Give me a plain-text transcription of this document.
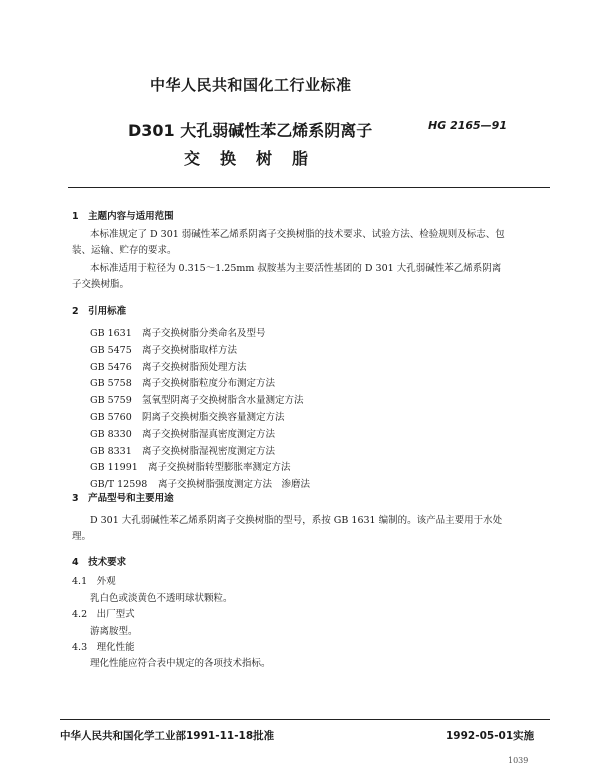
中华人民共和国化工行业标准
D301 大孔弱碱性苯乙烯系阴离子	HG 2165—91
交　换　树　脂
1　主题内容与适用范围
本标准规定了 D 301 弱碱性苯乙烯系阴离子交换树脂的技术要求、试验方法、检验规则及标志、包
装、运输、贮存的要求。
本标准适用于粒径为 0.315～1.25mm 叔胺基为主要活性基团的 D 301 大孔弱碱性苯乙烯系阴离
子交换树脂。
2　引用标准
GB 1631 离子交换树脂分类命名及型号
GB 5475 离子交换树脂取样方法
GB 5476 离子交换树脂预处理方法
GB 5758 离子交换树脂粒度分布测定方法
GB 5759 氢氧型阴离子交换树脂含水量测定方法
GB 5760 阴离子交换树脂交换容量测定方法
GB 8330 离子交换树脂湿真密度测定方法
GB 8331 离子交换树脂湿视密度测定方法
GB 11991 离子交换树脂转型膨胀率测定方法
GB/T 12598 离子交换树脂强度测定方法　渗磨法
3　产品型号和主要用途
D 301 大孔弱碱性苯乙烯系阴离子交换树脂的型号，系按 GB 1631 编制的。该产品主要用于水处
理。
4　技术要求
4.1　外观
乳白色或淡黄色不透明球状颗粒。
4.2　出厂型式
游离胺型。
4.3　理化性能
理化性能应符合表中规定的各项技术指标。
中华人民共和国化学工业部1991-11-18批准	1992-05-01实施
1039
